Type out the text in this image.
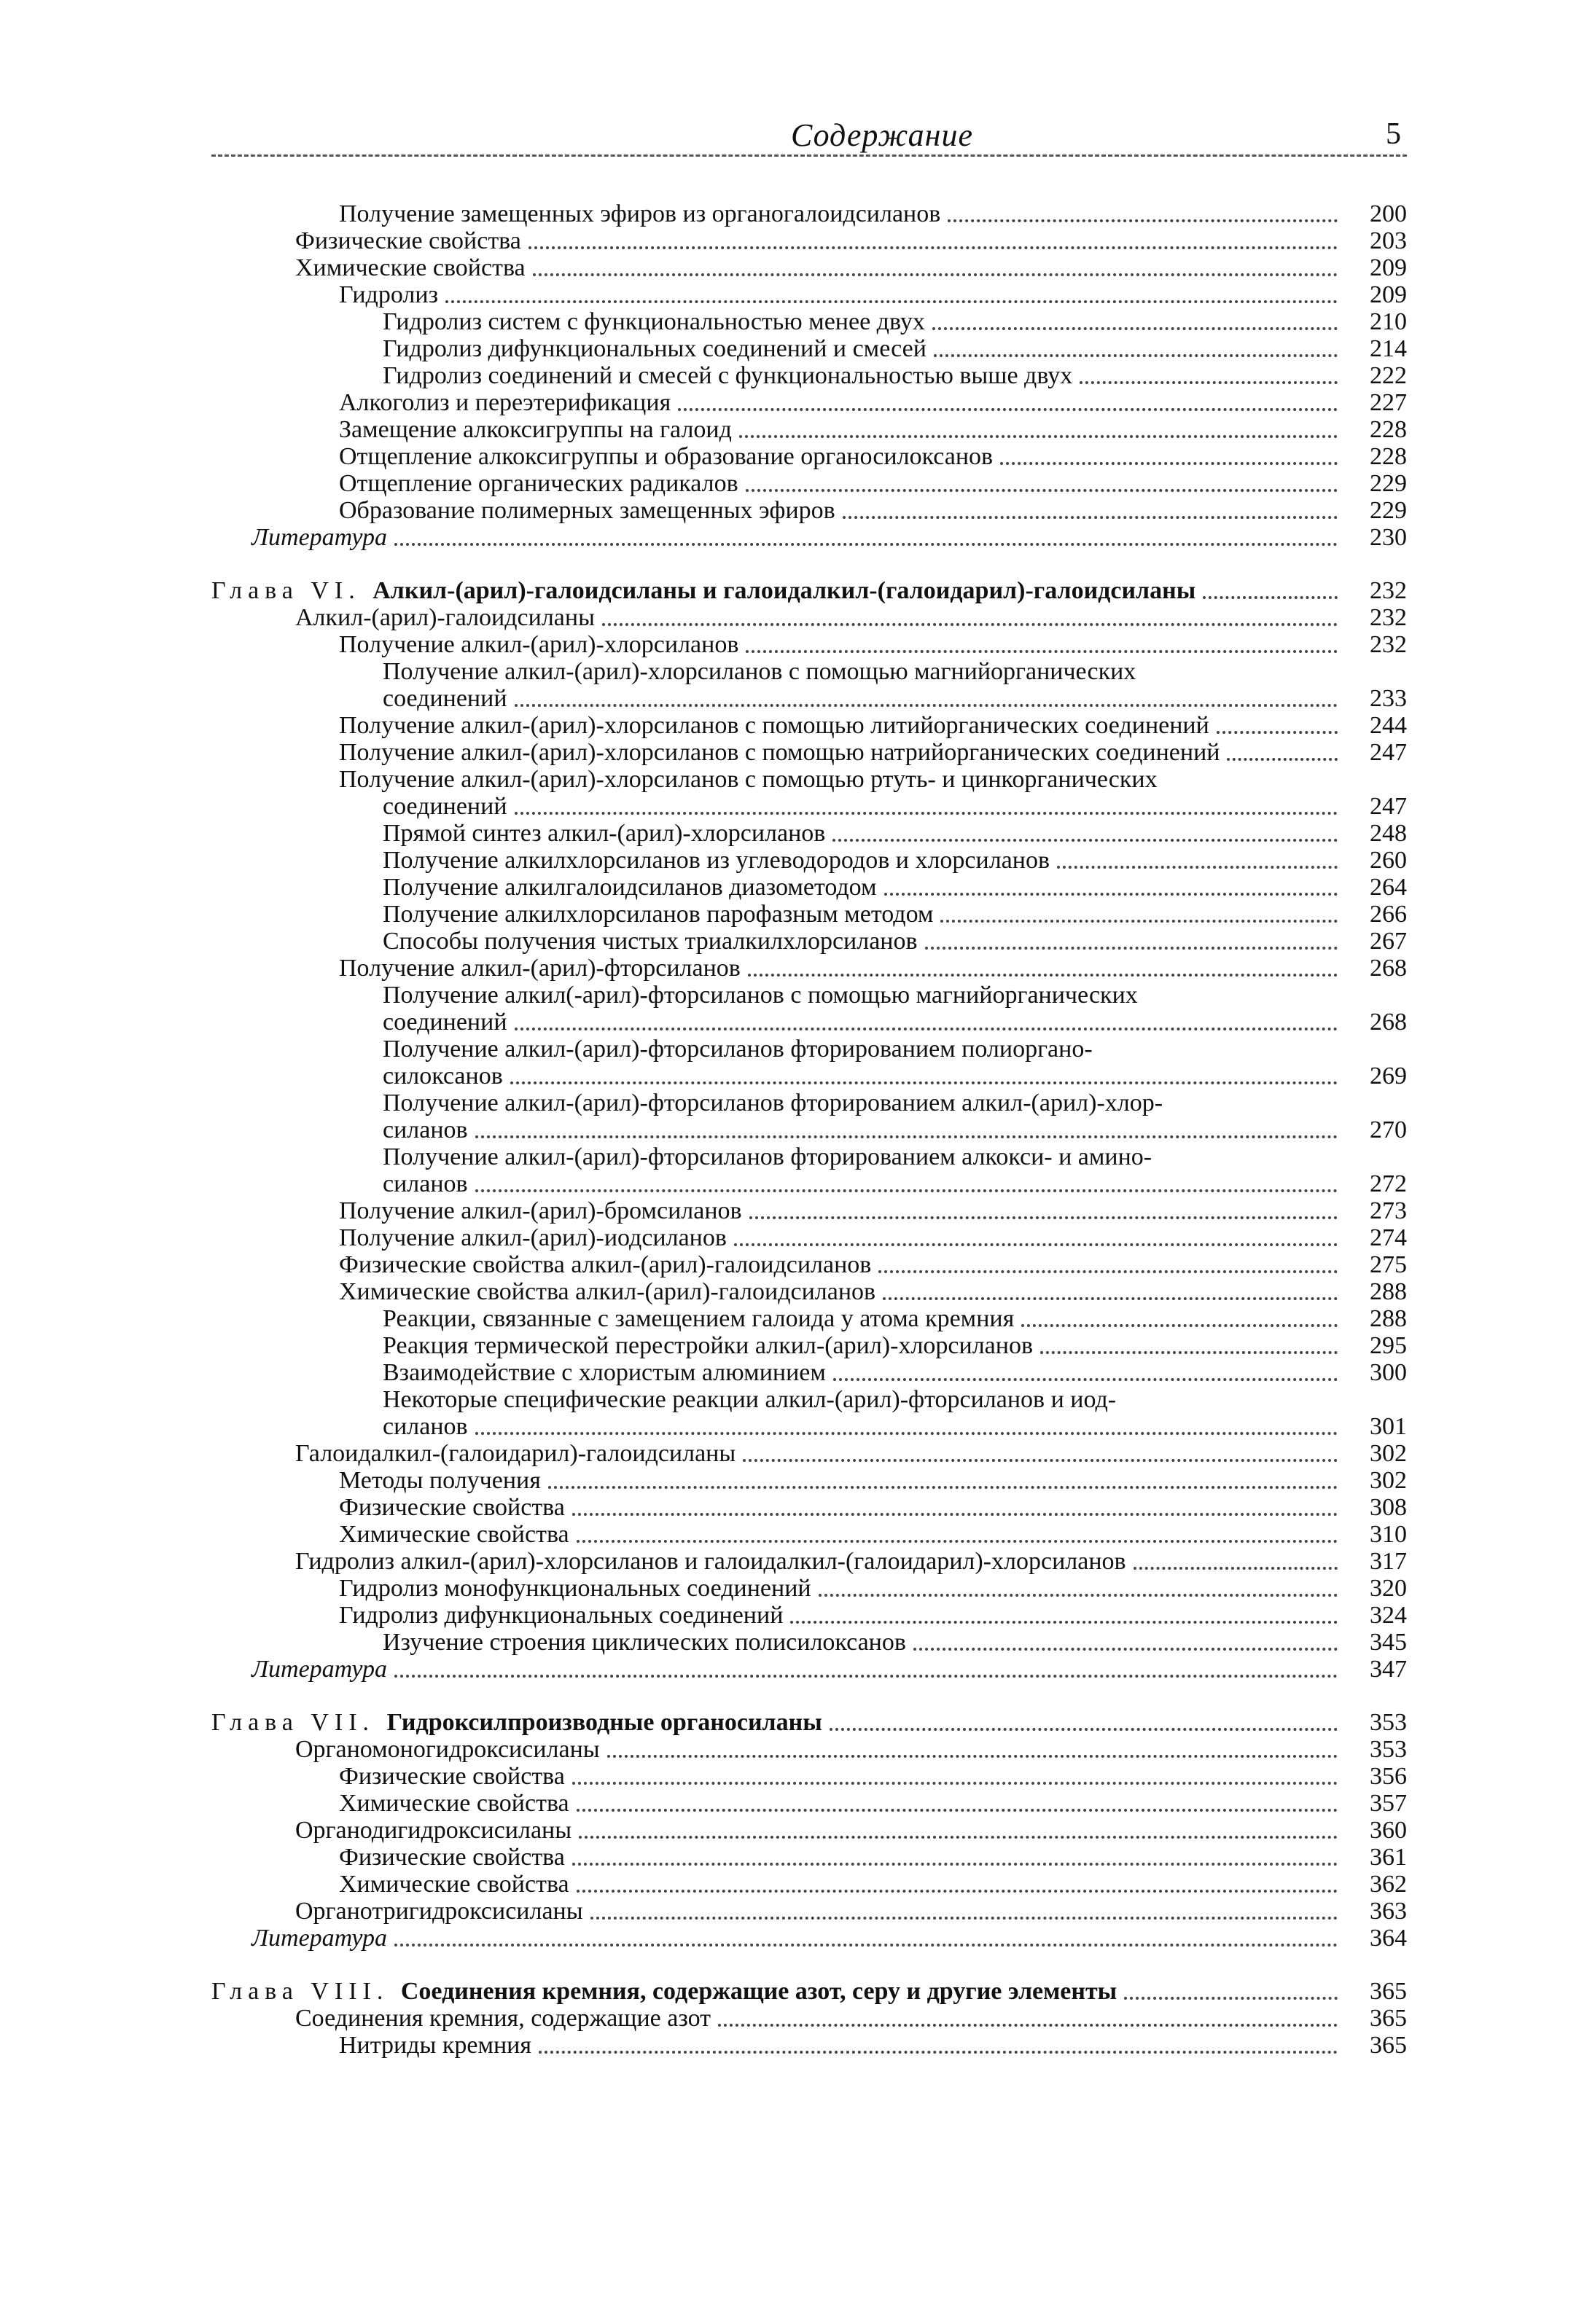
Содержание	5
Получение замещенных эфиров из органогалоидсиланов	200
Физические свойства	203
Химические свойства	209
Гидролиз	209
Гидролиз систем с функциональностью менее двух	210
Гидролиз дифункциональных соединений и смесей	214
Гидролиз соединений и смесей с функциональностью выше двух	222
Алкоголиз и переэтерификация	227
Замещение алкоксигруппы на галоид	228
Отщепление алкоксигруппы и образование органосилоксанов	228
Отщепление органических радикалов	229
Образование полимерных замещенных эфиров	229
Литература	230
Глава VI. Алкил-(арил)-галоидсиланы и галоидалкил-(галоидарил)-галоидсиланы	232
Алкил-(арил)-галоидсиланы	232
Получение алкил-(арил)-хлорсиланов	232
Получение алкил-(арил)-хлорсиланов с помощью магнийорганических
соединений	233
Получение алкил-(арил)-хлорсиланов с помощью литийорганических соединений	244
Получение алкил-(арил)-хлорсиланов с помощью натрийорганических соединений	247
Получение алкил-(арил)-хлорсиланов с помощью ртуть- и цинкорганических
соединений	247
Прямой синтез алкил-(арил)-хлорсиланов	248
Получение алкилхлорсиланов из углеводородов и хлорсиланов	260
Получение алкилгалоидсиланов диазометодом	264
Получение алкилхлорсиланов парофазным методом	266
Способы получения чистых триалкилхлорсиланов	267
Получение алкил-(арил)-фторсиланов	268
Получение алкил(-арил)-фторсиланов с помощью магнийорганических
соединений	268
Получение алкил-(арил)-фторсиланов фторированием полиоргано-
силоксанов	269
Получение алкил-(арил)-фторсиланов фторированием алкил-(арил)-хлор-
силанов	270
Получение алкил-(арил)-фторсиланов фторированием алкокси- и амино-
силанов	272
Получение алкил-(арил)-бромсиланов	273
Получение алкил-(арил)-иодсиланов	274
Физические свойства алкил-(арил)-галоидсиланов	275
Химические свойства алкил-(арил)-галоидсиланов	288
Реакции, связанные с замещением галоида у атома кремния	288
Реакция термической перестройки алкил-(арил)-хлорсиланов	295
Взаимодействие с хлористым алюминием	300
Некоторые специфические реакции алкил-(арил)-фторсиланов и иод-
силанов	301
Галоидалкил-(галоидарил)-галоидсиланы	302
Методы получения	302
Физические свойства	308
Химические свойства	310
Гидролиз алкил-(арил)-хлорсиланов и галоидалкил-(галоидарил)-хлорсиланов	317
Гидролиз монофункциональных соединений	320
Гидролиз дифункциональных соединений	324
Изучение строения циклических полисилоксанов	345
Литература	347
Глава VII. Гидроксилпроизводные органосиланы	353
Органомоногидроксисиланы	353
Физические свойства	356
Химические свойства	357
Органодигидроксисиланы	360
Физические свойства	361
Химические свойства	362
Органотригидроксисиланы	363
Литература	364
Глава VIII. Соединения кремния, содержащие азот, серу и другие элементы	365
Соединения кремния, содержащие азот	365
Нитриды кремния	365
